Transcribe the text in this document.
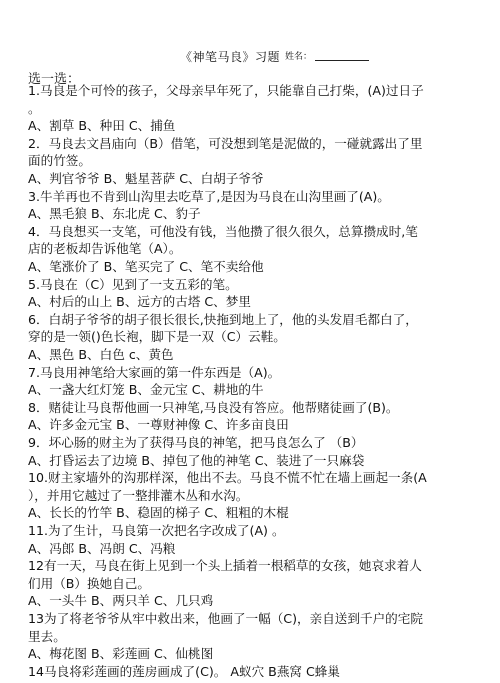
《神笔马良》习题 姓名：
选一选：
1.马良是个可怜的孩子，父母亲早年死了，只能靠自己打柴，(A)过日子
。
A、割草 B、种田 C、捕鱼
2．马良去文昌庙向（B）借笔，可没想到笔是泥做的，一碰就露出了里
面的竹签。
A、判官爷爷 B、魁星菩萨 C、白胡子爷爷
3.牛羊再也不肯到山沟里去吃草了,是因为马良在山沟里画了(A)。
A、黑毛狼 B、东北虎 C、豹子
4．马良想买一支笔，可他没有钱，当他攒了很久很久，总算攒成时,笔
店的老板却告诉他笔（A）。
A、笔涨价了 B、笔买完了 C、笔不卖给他
5.马良在（C）见到了一支五彩的笔。
A、村后的山上 B、远方的古塔 C、梦里
6．白胡子爷爷的胡子很长很长,快拖到地上了，他的头发眉毛都白了，
穿的是一领()色长袍，脚下是一双（C）云鞋。
A、黑色 B、白色 c、黄色
7.马良用神笔给大家画的第一件东西是（A)。
A、一盏大红灯笼 B、金元宝 C、耕地的牛
8．赌徒让马良帮他画一只神笔,马良没有答应。他帮赌徒画了(B)。
A、许多金元宝 B、一尊财神像 C、许多亩良田
9．坏心肠的财主为了获得马良的神笔，把马良怎么了 （B）
A、打昏运去了边境 B、掉包了他的神笔 C、装进了一只麻袋
10.财主家墙外的沟那样深，他出不去。马良不慌不忙在墙上画起一条(A
），并用它越过了一整排灌木丛和水沟。
A、长长的竹竿 B、稳固的梯子 C、粗粗的木棍
11.为了生计，马良第一次把名字改成了(A) 。
A、冯郎 B、冯朗 C、冯粮
12有一天，马良在街上见到一个头上插着一根稻草的女孩，她哀求着人
们用（B）换她自己。
A、一头牛 B、两只羊 C、几只鸡
13为了将老爷爷从牢中救出来，他画了一幅（C)，亲自送到千户的宅院
里去。
A、梅花图 B、彩莲画 C、仙桃图
14马良将彩莲画的莲房画成了(C)。 A蚁穴 B燕窝 C蜂巢
